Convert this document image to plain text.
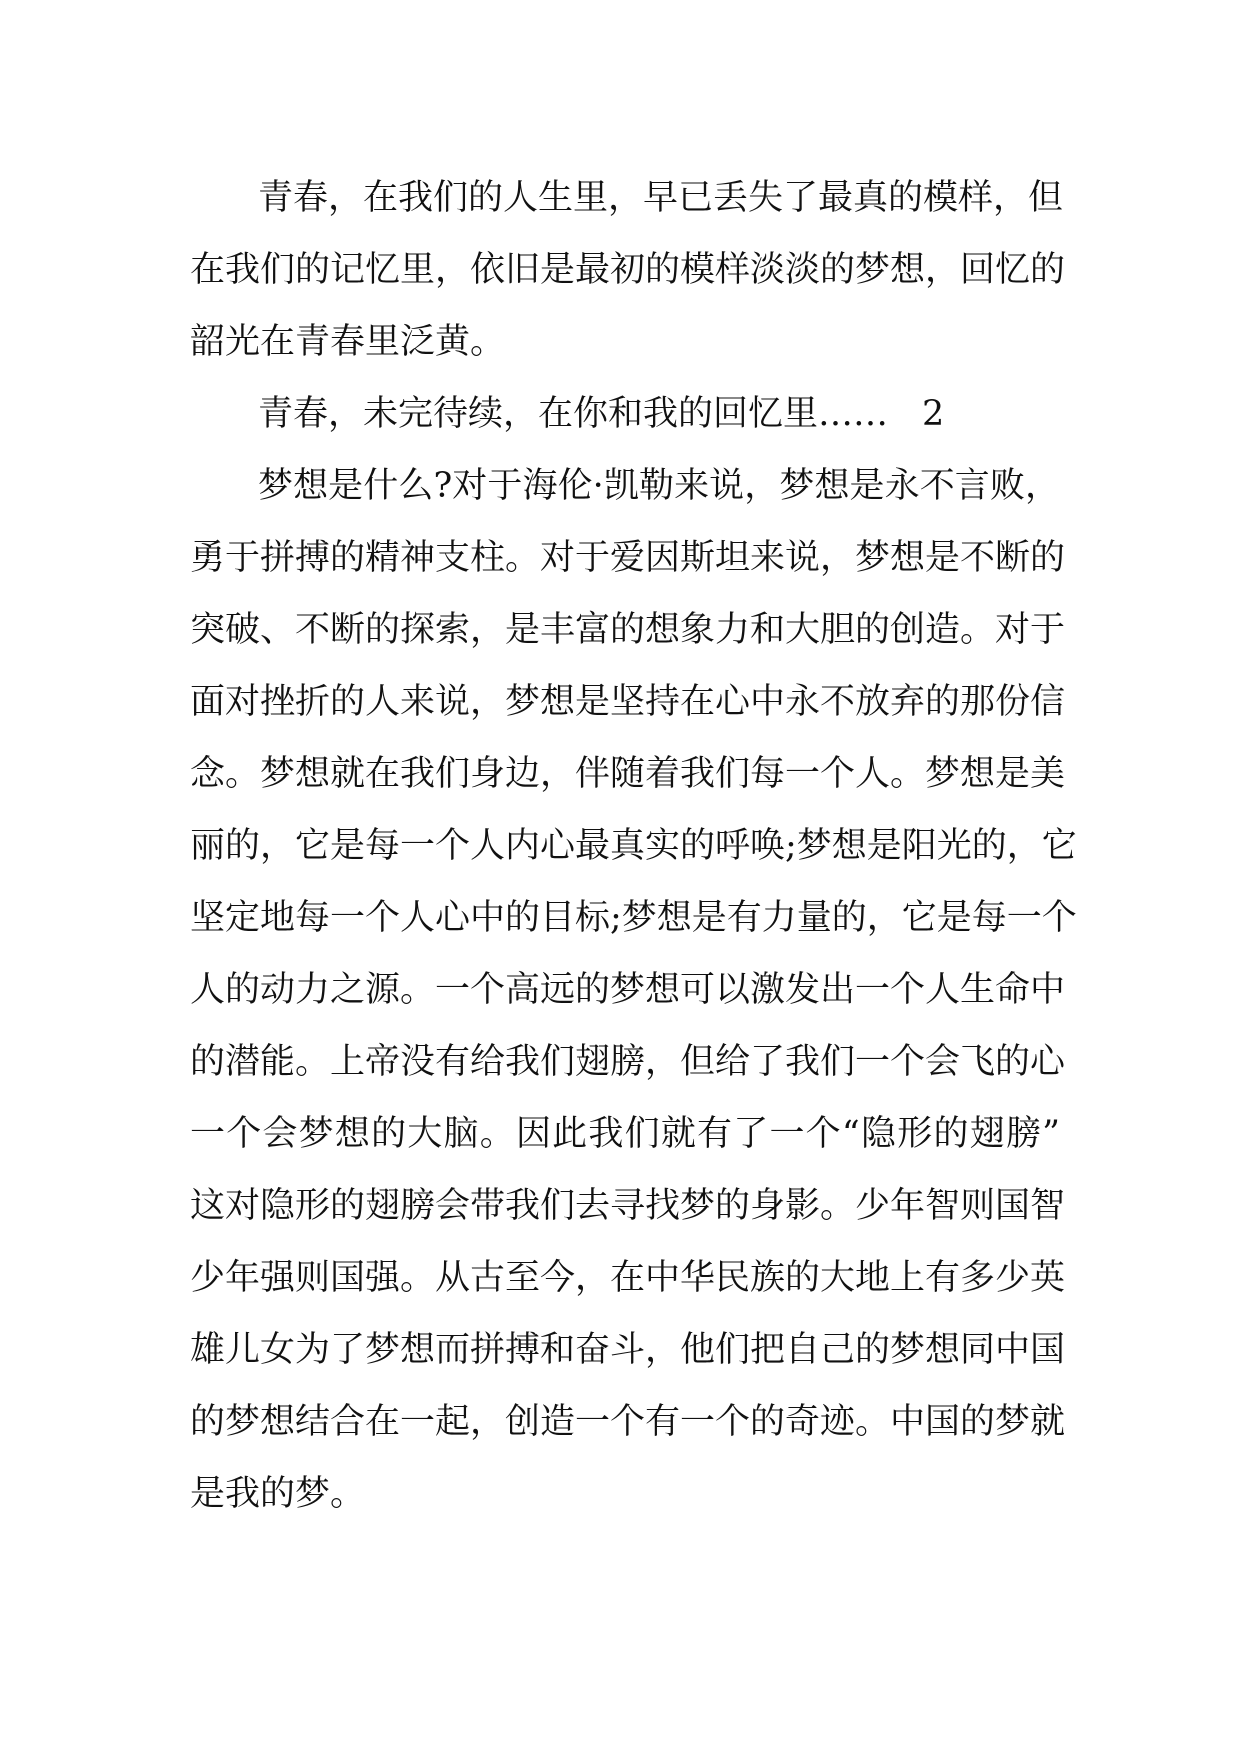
青春，在我们的人生里，早已丢失了最真的模样，但
在我们的记忆里，依旧是最初的模样淡淡的梦想，回忆的
韶光在青春里泛黄。
青春，未完待续，在你和我的回忆里…… 2
梦想是什么?对于海伦·凯勒来说，梦想是永不言败，
勇于拼搏的精神支柱。对于爱因斯坦来说，梦想是不断的
突破、不断的探索，是丰富的想象力和大胆的创造。对于
面对挫折的人来说，梦想是坚持在心中永不放弃的那份信
念。梦想就在我们身边，伴随着我们每一个人。梦想是美
丽的，它是每一个人内心最真实的呼唤;梦想是阳光的，它
坚定地每一个人心中的目标;梦想是有力量的，它是每一个
人的动力之源。一个高远的梦想可以激发出一个人生命中
的潜能。上帝没有给我们翅膀，但给了我们一个会飞的心
一个会梦想的大脑。因此我们就有了一个“隐形的翅膀”
这对隐形的翅膀会带我们去寻找梦的身影。少年智则国智
少年强则国强。从古至今，在中华民族的大地上有多少英
雄儿女为了梦想而拼搏和奋斗，他们把自己的梦想同中国
的梦想结合在一起，创造一个有一个的奇迹。中国的梦就
是我的梦。
